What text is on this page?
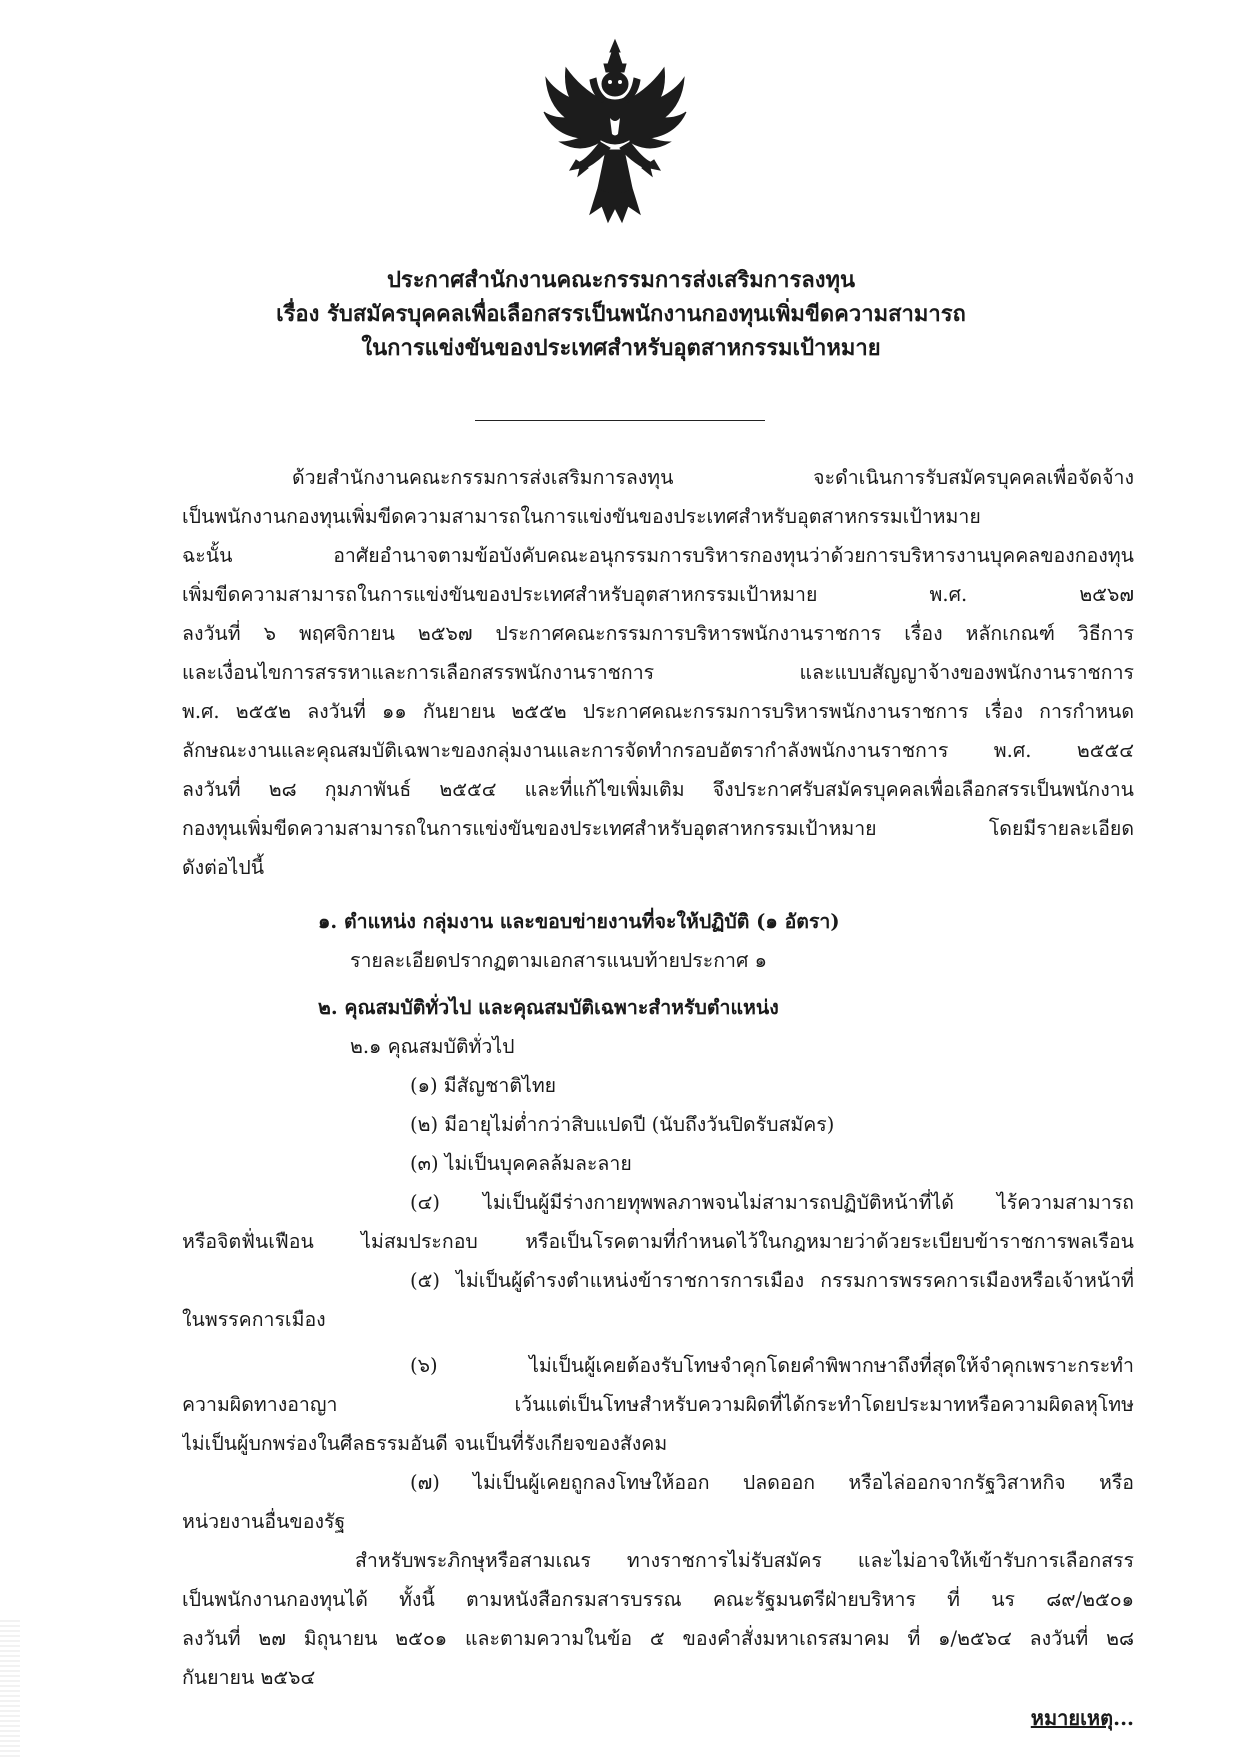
ประกาศสำนักงานคณะกรรมการส่งเสริมการลงทุน
เรื่อง รับสมัครบุคคลเพื่อเลือกสรรเป็นพนักงานกองทุนเพิ่มขีดความสามารถ
ในการแข่งขันของประเทศสำหรับอุตสาหกรรมเป้าหมาย
ด้วยสำนักงานคณะกรรมการส่งเสริมการลงทุน จะดำเนินการรับสมัครบุคคลเพื่อจัดจ้าง
เป็นพนักงานกองทุนเพิ่มขีดความสามารถในการแข่งขันของประเทศสำหรับอุตสาหกรรมเป้าหมาย
ฉะนั้น อาศัยอำนาจตามข้อบังคับคณะอนุกรรมการบริหารกองทุนว่าด้วยการบริหารงานบุคคลของกองทุน
เพิ่มขีดความสามารถในการแข่งขันของประเทศสำหรับอุตสาหกรรมเป้าหมาย พ.ศ. ๒๕๖๗
ลงวันที่ ๖ พฤศจิกายน ๒๕๖๗ ประกาศคณะกรรมการบริหารพนักงานราชการ เรื่อง หลักเกณฑ์ วิธีการ
และเงื่อนไขการสรรหาและการเลือกสรรพนักงานราชการ และแบบสัญญาจ้างของพนักงานราชการ
พ.ศ. ๒๕๕๒ ลงวันที่ ๑๑ กันยายน ๒๕๕๒ ประกาศคณะกรรมการบริหารพนักงานราชการ เรื่อง การกำหนด
ลักษณะงานและคุณสมบัติเฉพาะของกลุ่มงานและการจัดทำกรอบอัตรากำลังพนักงานราชการ พ.ศ. ๒๕๕๔
ลงวันที่ ๒๘ กุมภาพันธ์ ๒๕๕๔ และที่แก้ไขเพิ่มเติม จึงประกาศรับสมัครบุคคลเพื่อเลือกสรรเป็นพนักงาน
กองทุนเพิ่มขีดความสามารถในการแข่งขันของประเทศสำหรับอุตสาหกรรมเป้าหมาย โดยมีรายละเอียด
ดังต่อไปนี้
๑. ตำแหน่ง กลุ่มงาน และขอบข่ายงานที่จะให้ปฏิบัติ (๑ อัตรา)
รายละเอียดปรากฏตามเอกสารแนบท้ายประกาศ ๑
๒. คุณสมบัติทั่วไป และคุณสมบัติเฉพาะสำหรับตำแหน่ง
๒.๑ คุณสมบัติทั่วไป
(๑) มีสัญชาติไทย
(๒) มีอายุไม่ต่ำกว่าสิบแปดปี (นับถึงวันปิดรับสมัคร)
(๓) ไม่เป็นบุคคลล้มละลาย
(๔) ไม่เป็นผู้มีร่างกายทุพพลภาพจนไม่สามารถปฏิบัติหน้าที่ได้ ไร้ความสามารถ
หรือจิตฟั่นเฟือน ไม่สมประกอบ หรือเป็นโรคตามที่กำหนดไว้ในกฎหมายว่าด้วยระเบียบข้าราชการพลเรือน
(๕) ไม่เป็นผู้ดำรงตำแหน่งข้าราชการการเมือง กรรมการพรรคการเมืองหรือเจ้าหน้าที่
ในพรรคการเมือง
(๖) ไม่เป็นผู้เคยต้องรับโทษจำคุกโดยคำพิพากษาถึงที่สุดให้จำคุกเพราะกระทำ
ความผิดทางอาญา เว้นแต่เป็นโทษสำหรับความผิดที่ได้กระทำโดยประมาทหรือความผิดลหุโทษ
ไม่เป็นผู้บกพร่องในศีลธรรมอันดี จนเป็นที่รังเกียจของสังคม
(๗) ไม่เป็นผู้เคยถูกลงโทษให้ออก ปลดออก หรือไล่ออกจากรัฐวิสาหกิจ หรือ
หน่วยงานอื่นของรัฐ
สำหรับพระภิกษุหรือสามเณร ทางราชการไม่รับสมัคร และไม่อาจให้เข้ารับการเลือกสรร
เป็นพนักงานกองทุนได้ ทั้งนี้ ตามหนังสือกรมสารบรรณ คณะรัฐมนตรีฝ่ายบริหาร ที่ นร ๘๙/๒๕๐๑
ลงวันที่ ๒๗ มิถุนายน ๒๕๐๑ และตามความในข้อ ๕ ของคำสั่งมหาเถรสมาคม ที่ ๑/๒๕๖๔ ลงวันที่ ๒๘
กันยายน ๒๕๖๔
หมายเหตุ...
